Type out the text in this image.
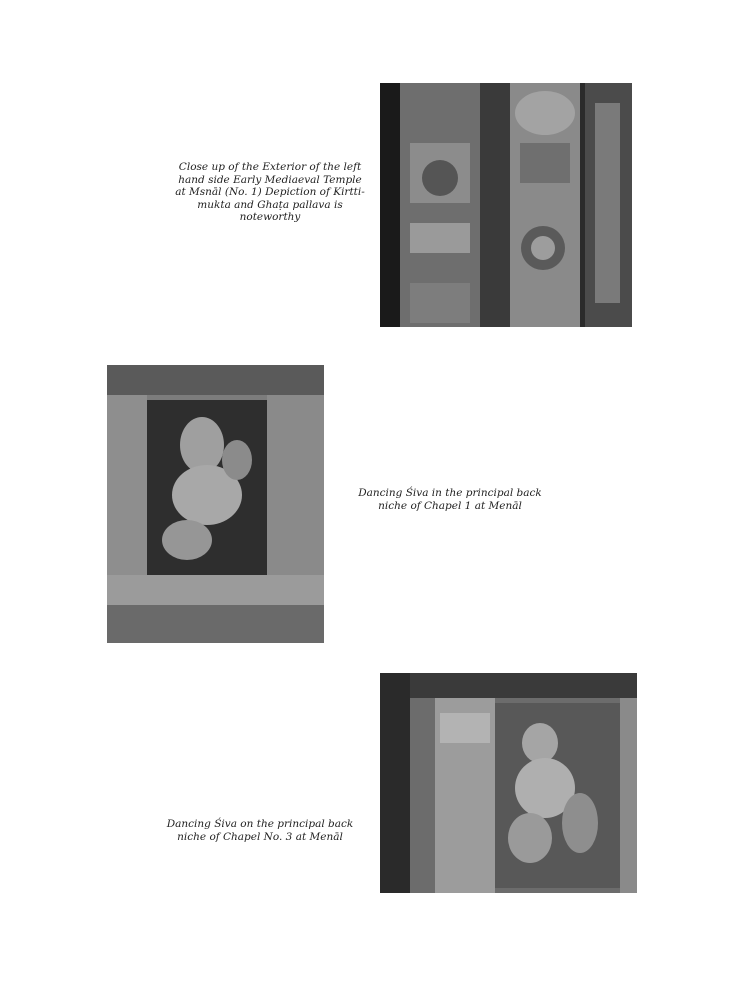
Close up of the Exterior of the left
hand side Early Mediaeval Temple
at Msnāl (No. 1) Depiction of Kirtti-
mukta and Ghaṭa pallava is
noteworthy
Dancing Śiva in the principal back
niche of Chapel 1 at Menāl
Dancing Śiva on the principal back
niche of Chapel No. 3 at Menāl
